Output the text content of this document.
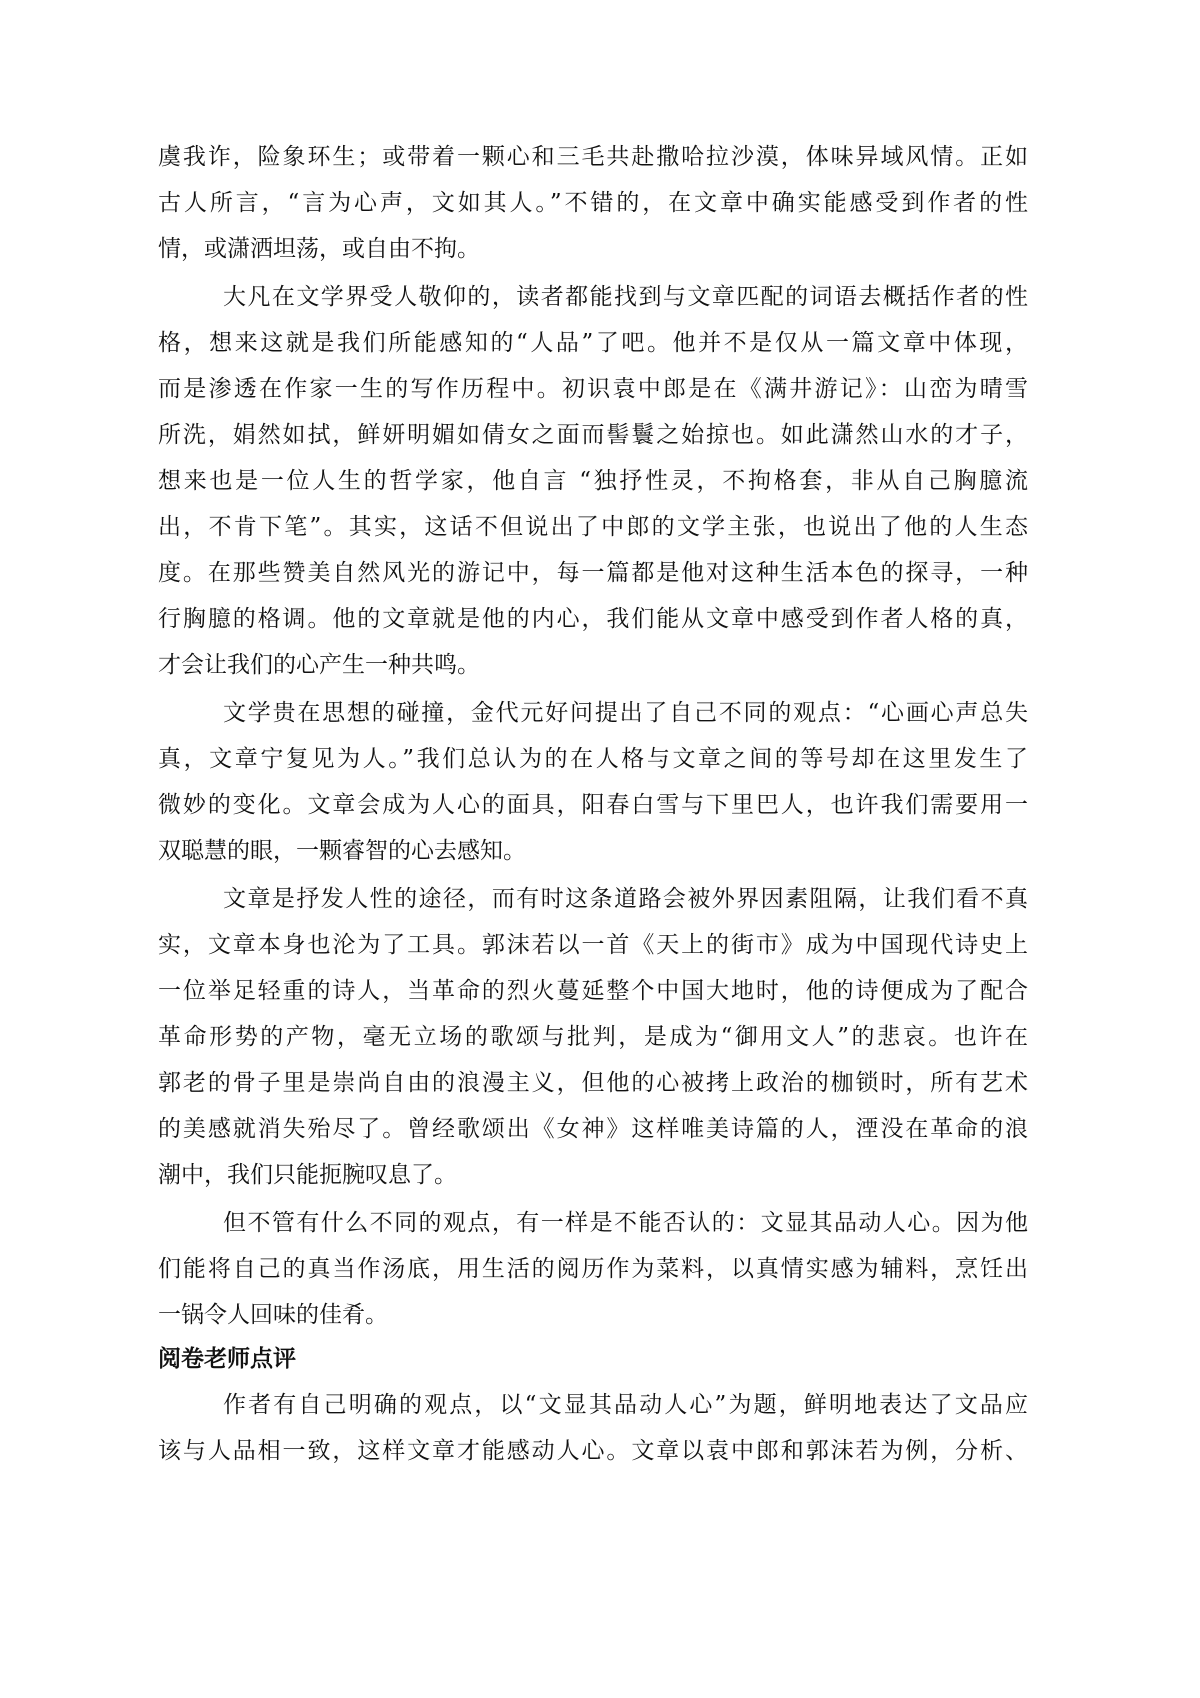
虞我诈，险象环生；或带着一颗心和三毛共赴撒哈拉沙漠，体味异域风情。正如
古人所言，“言为心声，文如其人。”不错的，在文章中确实能感受到作者的性
情，或潇洒坦荡，或自由不拘。
大凡在文学界受人敬仰的，读者都能找到与文章匹配的词语去概括作者的性
格，想来这就是我们所能感知的“人品”了吧。他并不是仅从一篇文章中体现，
而是渗透在作家一生的写作历程中。初识袁中郎是在《满井游记》：山峦为晴雪
所洗，娟然如拭，鲜妍明媚如倩女之面而髻鬟之始掠也。如此潇然山水的才子，
想来也是一位人生的哲学家，他自言 “独抒性灵，不拘格套，非从自己胸臆流
出，不肯下笔”。其实，这话不但说出了中郎的文学主张，也说出了他的人生态
度。在那些赞美自然风光的游记中，每一篇都是他对这种生活本色的探寻，一种
行胸臆的格调。他的文章就是他的内心，我们能从文章中感受到作者人格的真，
才会让我们的心产生一种共鸣。
文学贵在思想的碰撞，金代元好问提出了自己不同的观点：“心画心声总失
真，文章宁复见为人。”我们总认为的在人格与文章之间的等号却在这里发生了
微妙的变化。文章会成为人心的面具，阳春白雪与下里巴人，也许我们需要用一
双聪慧的眼，一颗睿智的心去感知。
文章是抒发人性的途径，而有时这条道路会被外界因素阻隔，让我们看不真
实，文章本身也沦为了工具。郭沫若以一首《天上的街市》成为中国现代诗史上
一位举足轻重的诗人，当革命的烈火蔓延整个中国大地时，他的诗便成为了配合
革命形势的产物，毫无立场的歌颂与批判，是成为“御用文人”的悲哀。也许在
郭老的骨子里是崇尚自由的浪漫主义，但他的心被拷上政治的枷锁时，所有艺术
的美感就消失殆尽了。曾经歌颂出《女神》这样唯美诗篇的人，湮没在革命的浪
潮中，我们只能扼腕叹息了。
但不管有什么不同的观点，有一样是不能否认的：文显其品动人心。因为他
们能将自己的真当作汤底，用生活的阅历作为菜料，以真情实感为辅料，烹饪出
一锅令人回味的佳肴。
阅卷老师点评
作者有自己明确的观点，以“文显其品动人心”为题，鲜明地表达了文品应
该与人品相一致，这样文章才能感动人心。文章以袁中郎和郭沫若为例，分析、
